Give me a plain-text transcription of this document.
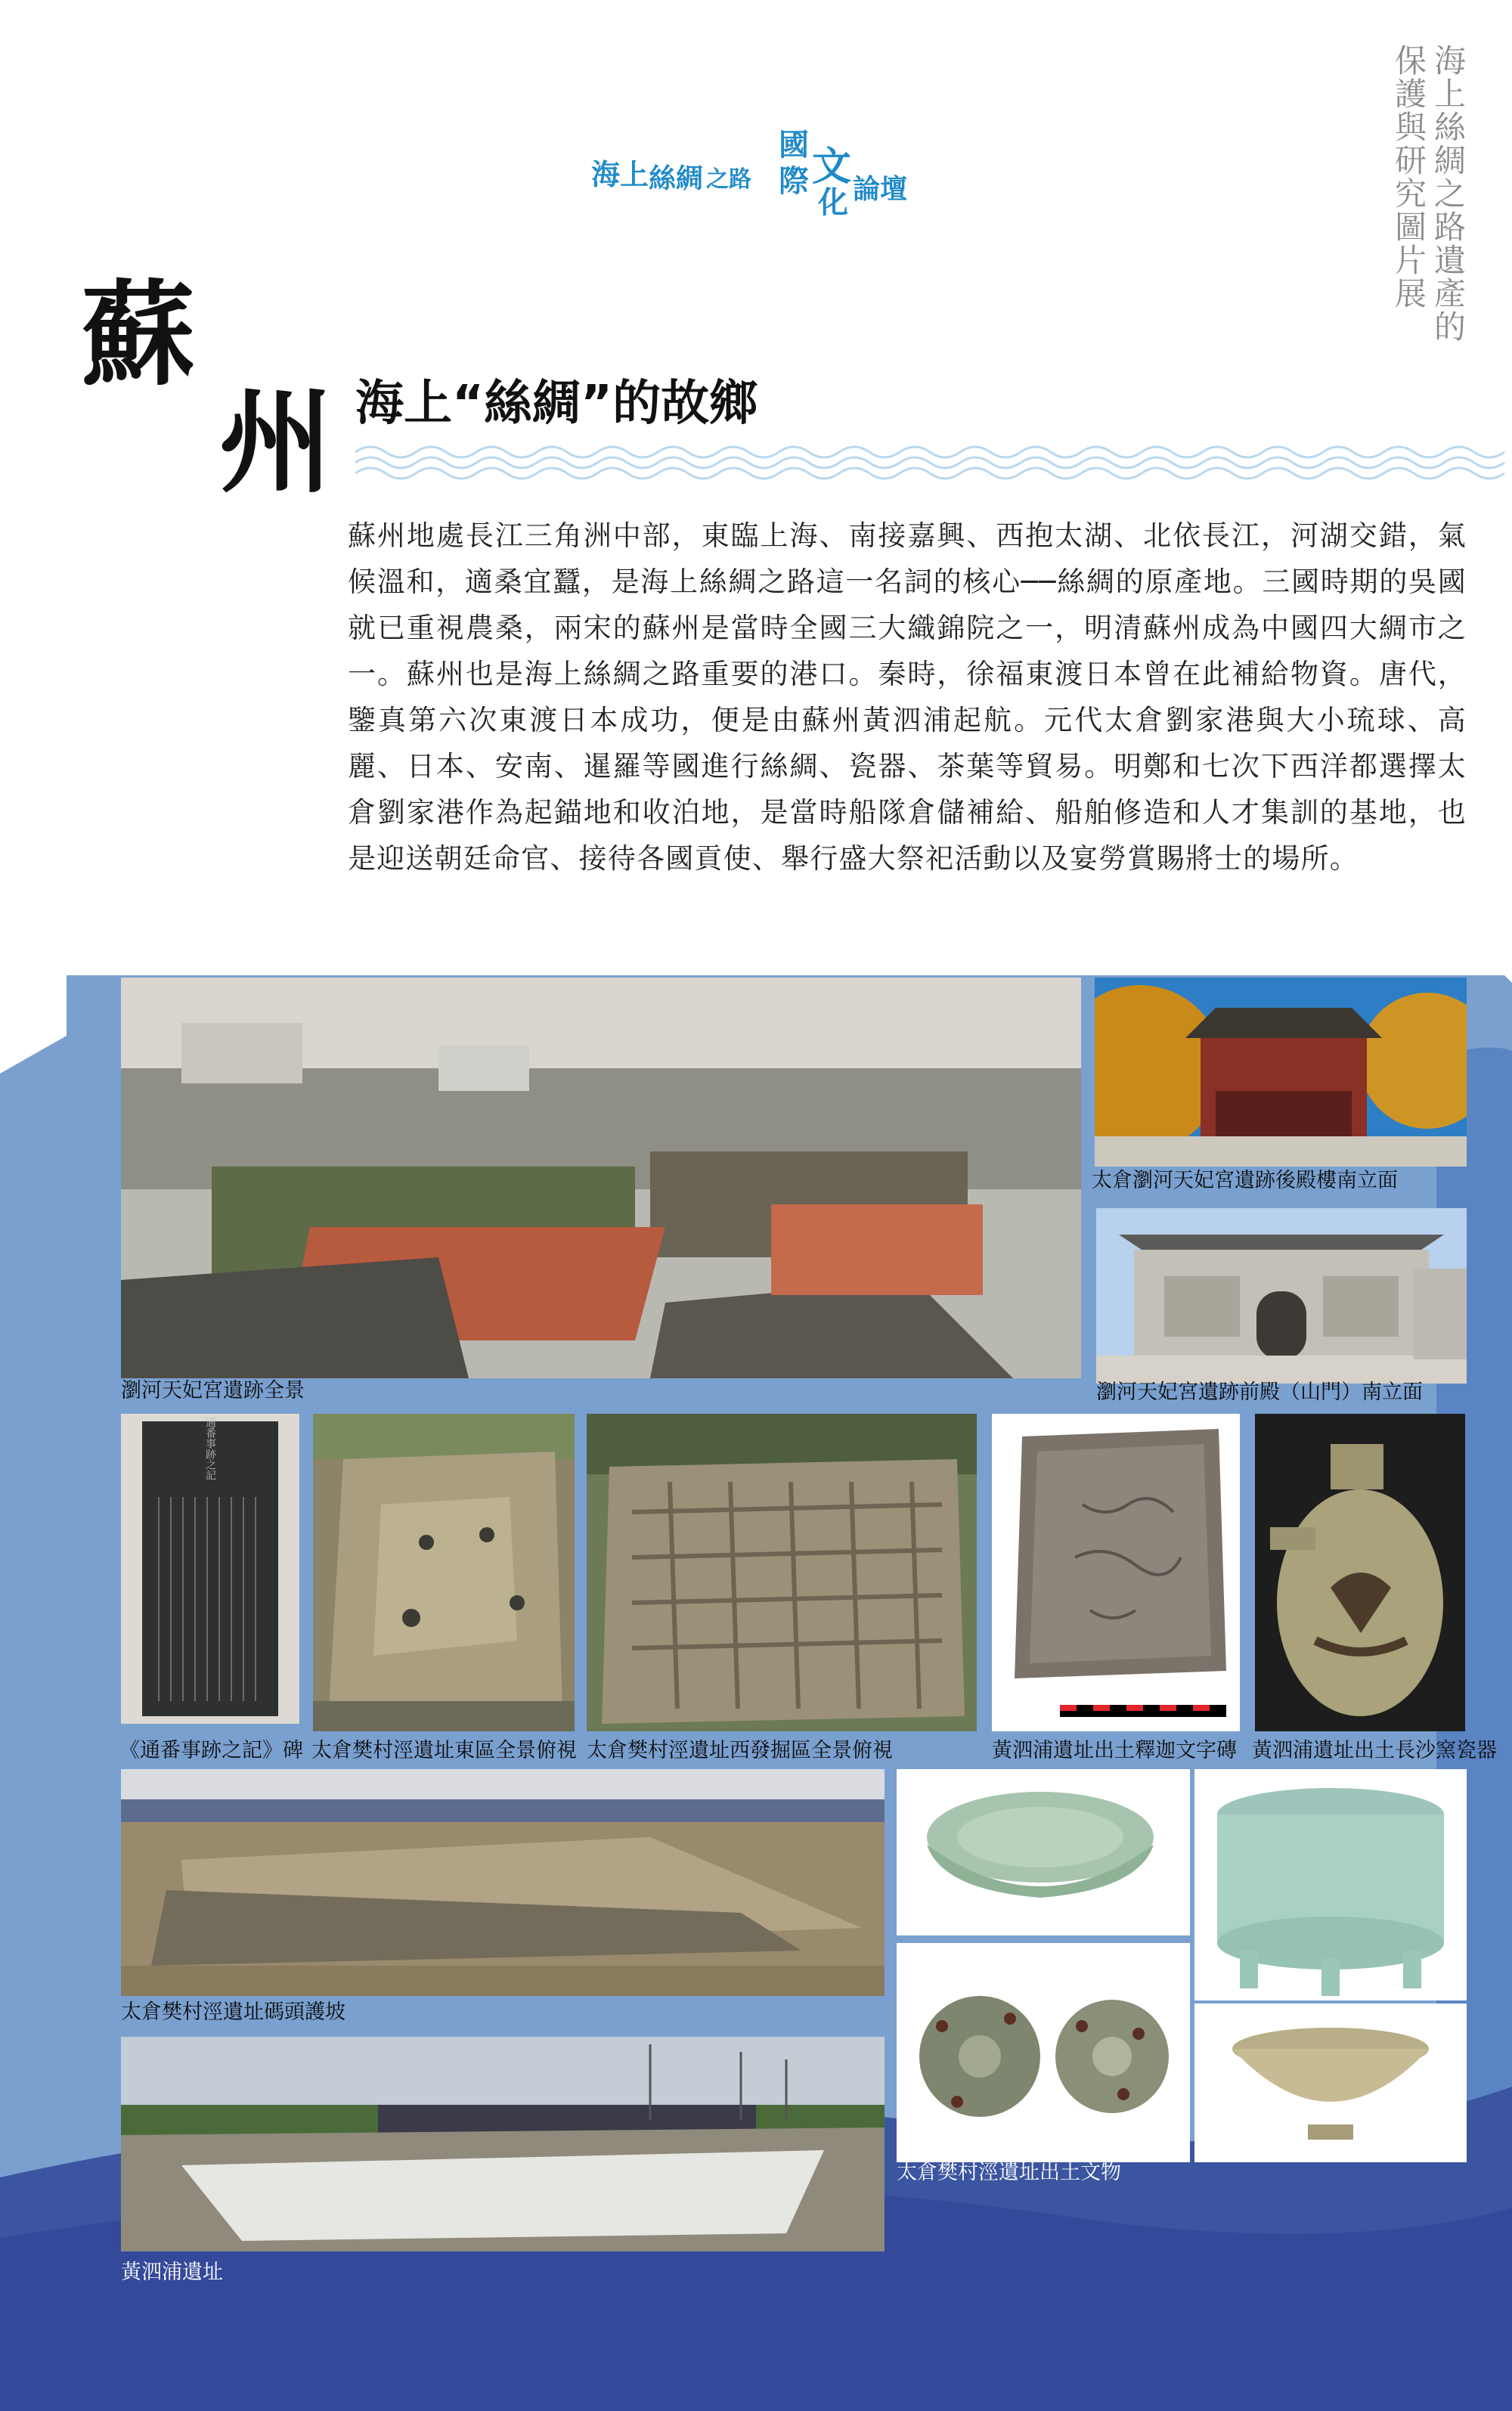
海上絲綢之路遺產的
保護與研究圖片展
海上 絲綢 之路
國
際 文
化 論壇
蘇
州 海上“絲綢”的故鄉
蘇州地處長江三角洲中部，東臨上海、南接嘉興、西抱太湖、北依長江，河湖交錯，氣候溫和，適桑宜蠶，是海上絲綢之路這一名詞的核心──絲綢的原產地。三國時期的吳國就已重視農桑，兩宋的蘇州是當時全國三大織錦院之一，明清蘇州成為中國四大綢市之一。蘇州也是海上絲綢之路重要的港口。秦時，徐福東渡日本曾在此補給物資。唐代，鑒真第六次東渡日本成功，便是由蘇州黃泗浦起航。元代太倉劉家港與大小琉球、高麗、日本、安南、暹羅等國進行絲綢、瓷器、茶葉等貿易。明鄭和七次下西洋都選擇太倉劉家港作為起錨地和收泊地，是當時船隊倉儲補給、船舶修造和人才集訓的基地，也是迎送朝廷命官、接待各國貢使、舉行盛大祭祀活動以及宴勞賞賜將士的場所。
瀏河天妃宮遺跡全景
太倉瀏河天妃宮遺跡後殿樓南立面
瀏河天妃宮遺跡前殿（山門）南立面
通番事跡之記
《通番事跡之記》碑 太倉樊村涇遺址東區全景俯視 太倉樊村涇遺址西發掘區全景俯視	黃泗浦遺址出土釋迦文字磚 黃泗浦遺址出土長沙窯瓷器
太倉樊村涇遺址碼頭護坡
黃泗浦遺址
太倉樊村涇遺址出土文物
